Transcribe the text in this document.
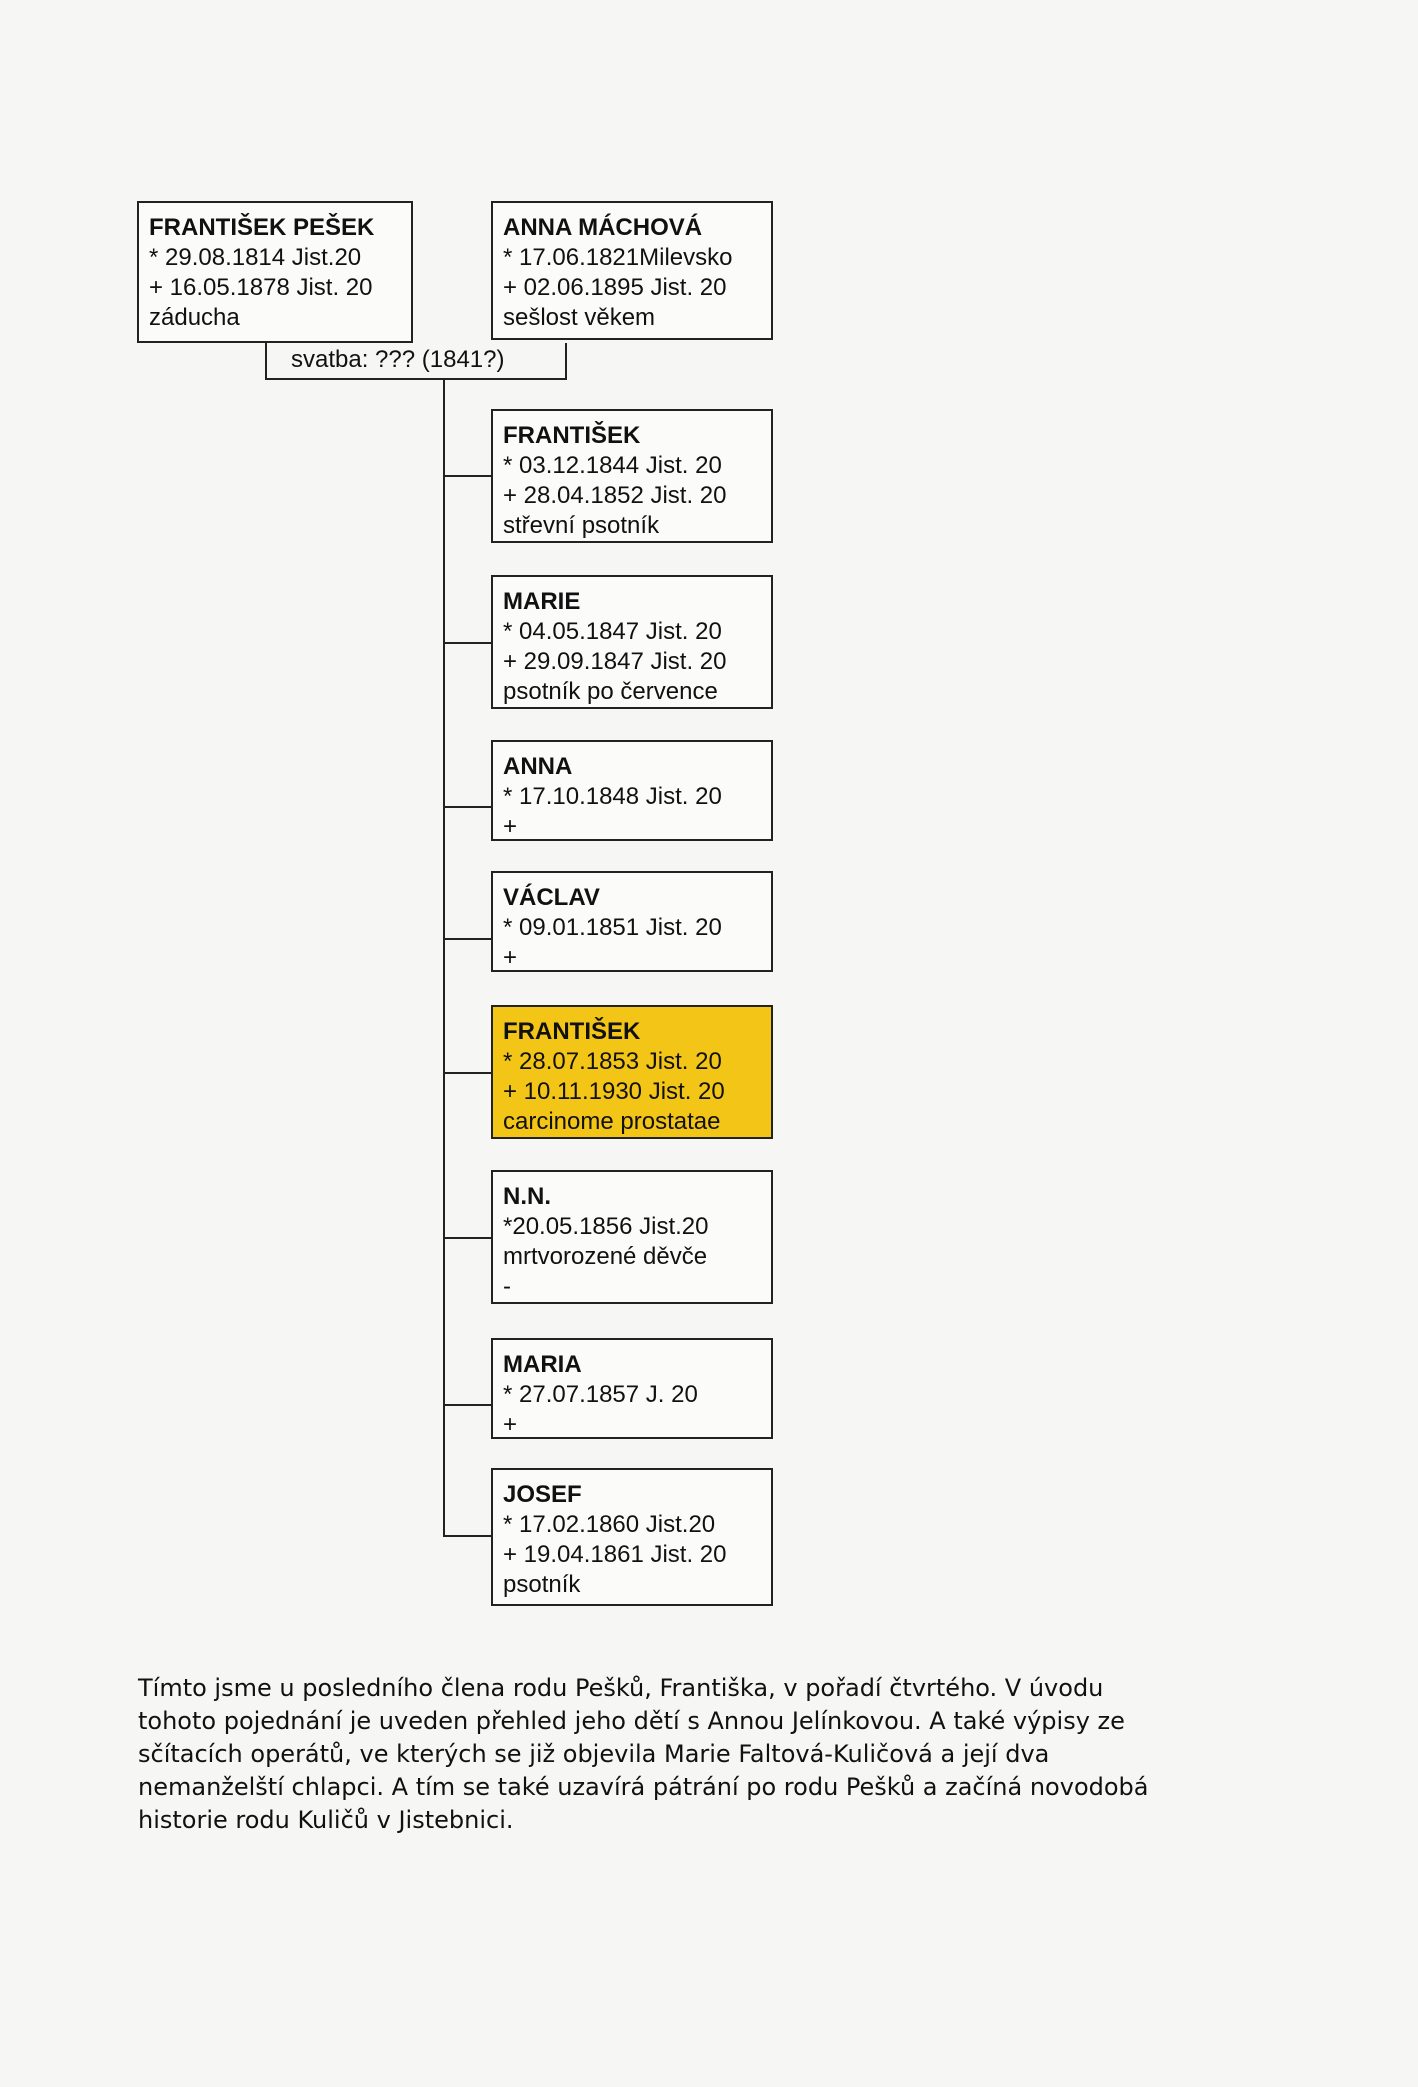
FRANTIŠEK PEŠEK
* 29.08.1814 Jist.20
+ 16.05.1878 Jist. 20
záducha
ANNA MÁCHOVÁ
* 17.06.1821Milevsko
+ 02.06.1895 Jist. 20
sešlost věkem
svatba: ??? (1841?)
FRANTIŠEK
* 03.12.1844 Jist. 20
+ 28.04.1852 Jist. 20
střevní psotník
MARIE
* 04.05.1847 Jist. 20
+ 29.09.1847 Jist. 20
psotník po července
ANNA
* 17.10.1848 Jist. 20
+
VÁCLAV
* 09.01.1851 Jist. 20
+
FRANTIŠEK
* 28.07.1853 Jist. 20
+ 10.11.1930 Jist. 20
carcinome prostatae
N.N.
*20.05.1856 Jist.20
mrtvorozené děvče
-
MARIA
* 27.07.1857 J. 20
+
JOSEF
* 17.02.1860 Jist.20
+ 19.04.1861 Jist. 20
psotník
Tímto jsme u posledního člena rodu Pešků, Františka, v pořadí čtvrtého. V úvodu
tohoto pojednání je uveden přehled jeho dětí s Annou Jelínkovou. A také výpisy ze
sčítacích operátů, ve kterých se již objevila Marie Faltová-Kuličová a její dva
nemanželští chlapci. A tím se také uzavírá pátrání po rodu Pešků a začíná novodobá
historie rodu Kuličů v Jistebnici.
